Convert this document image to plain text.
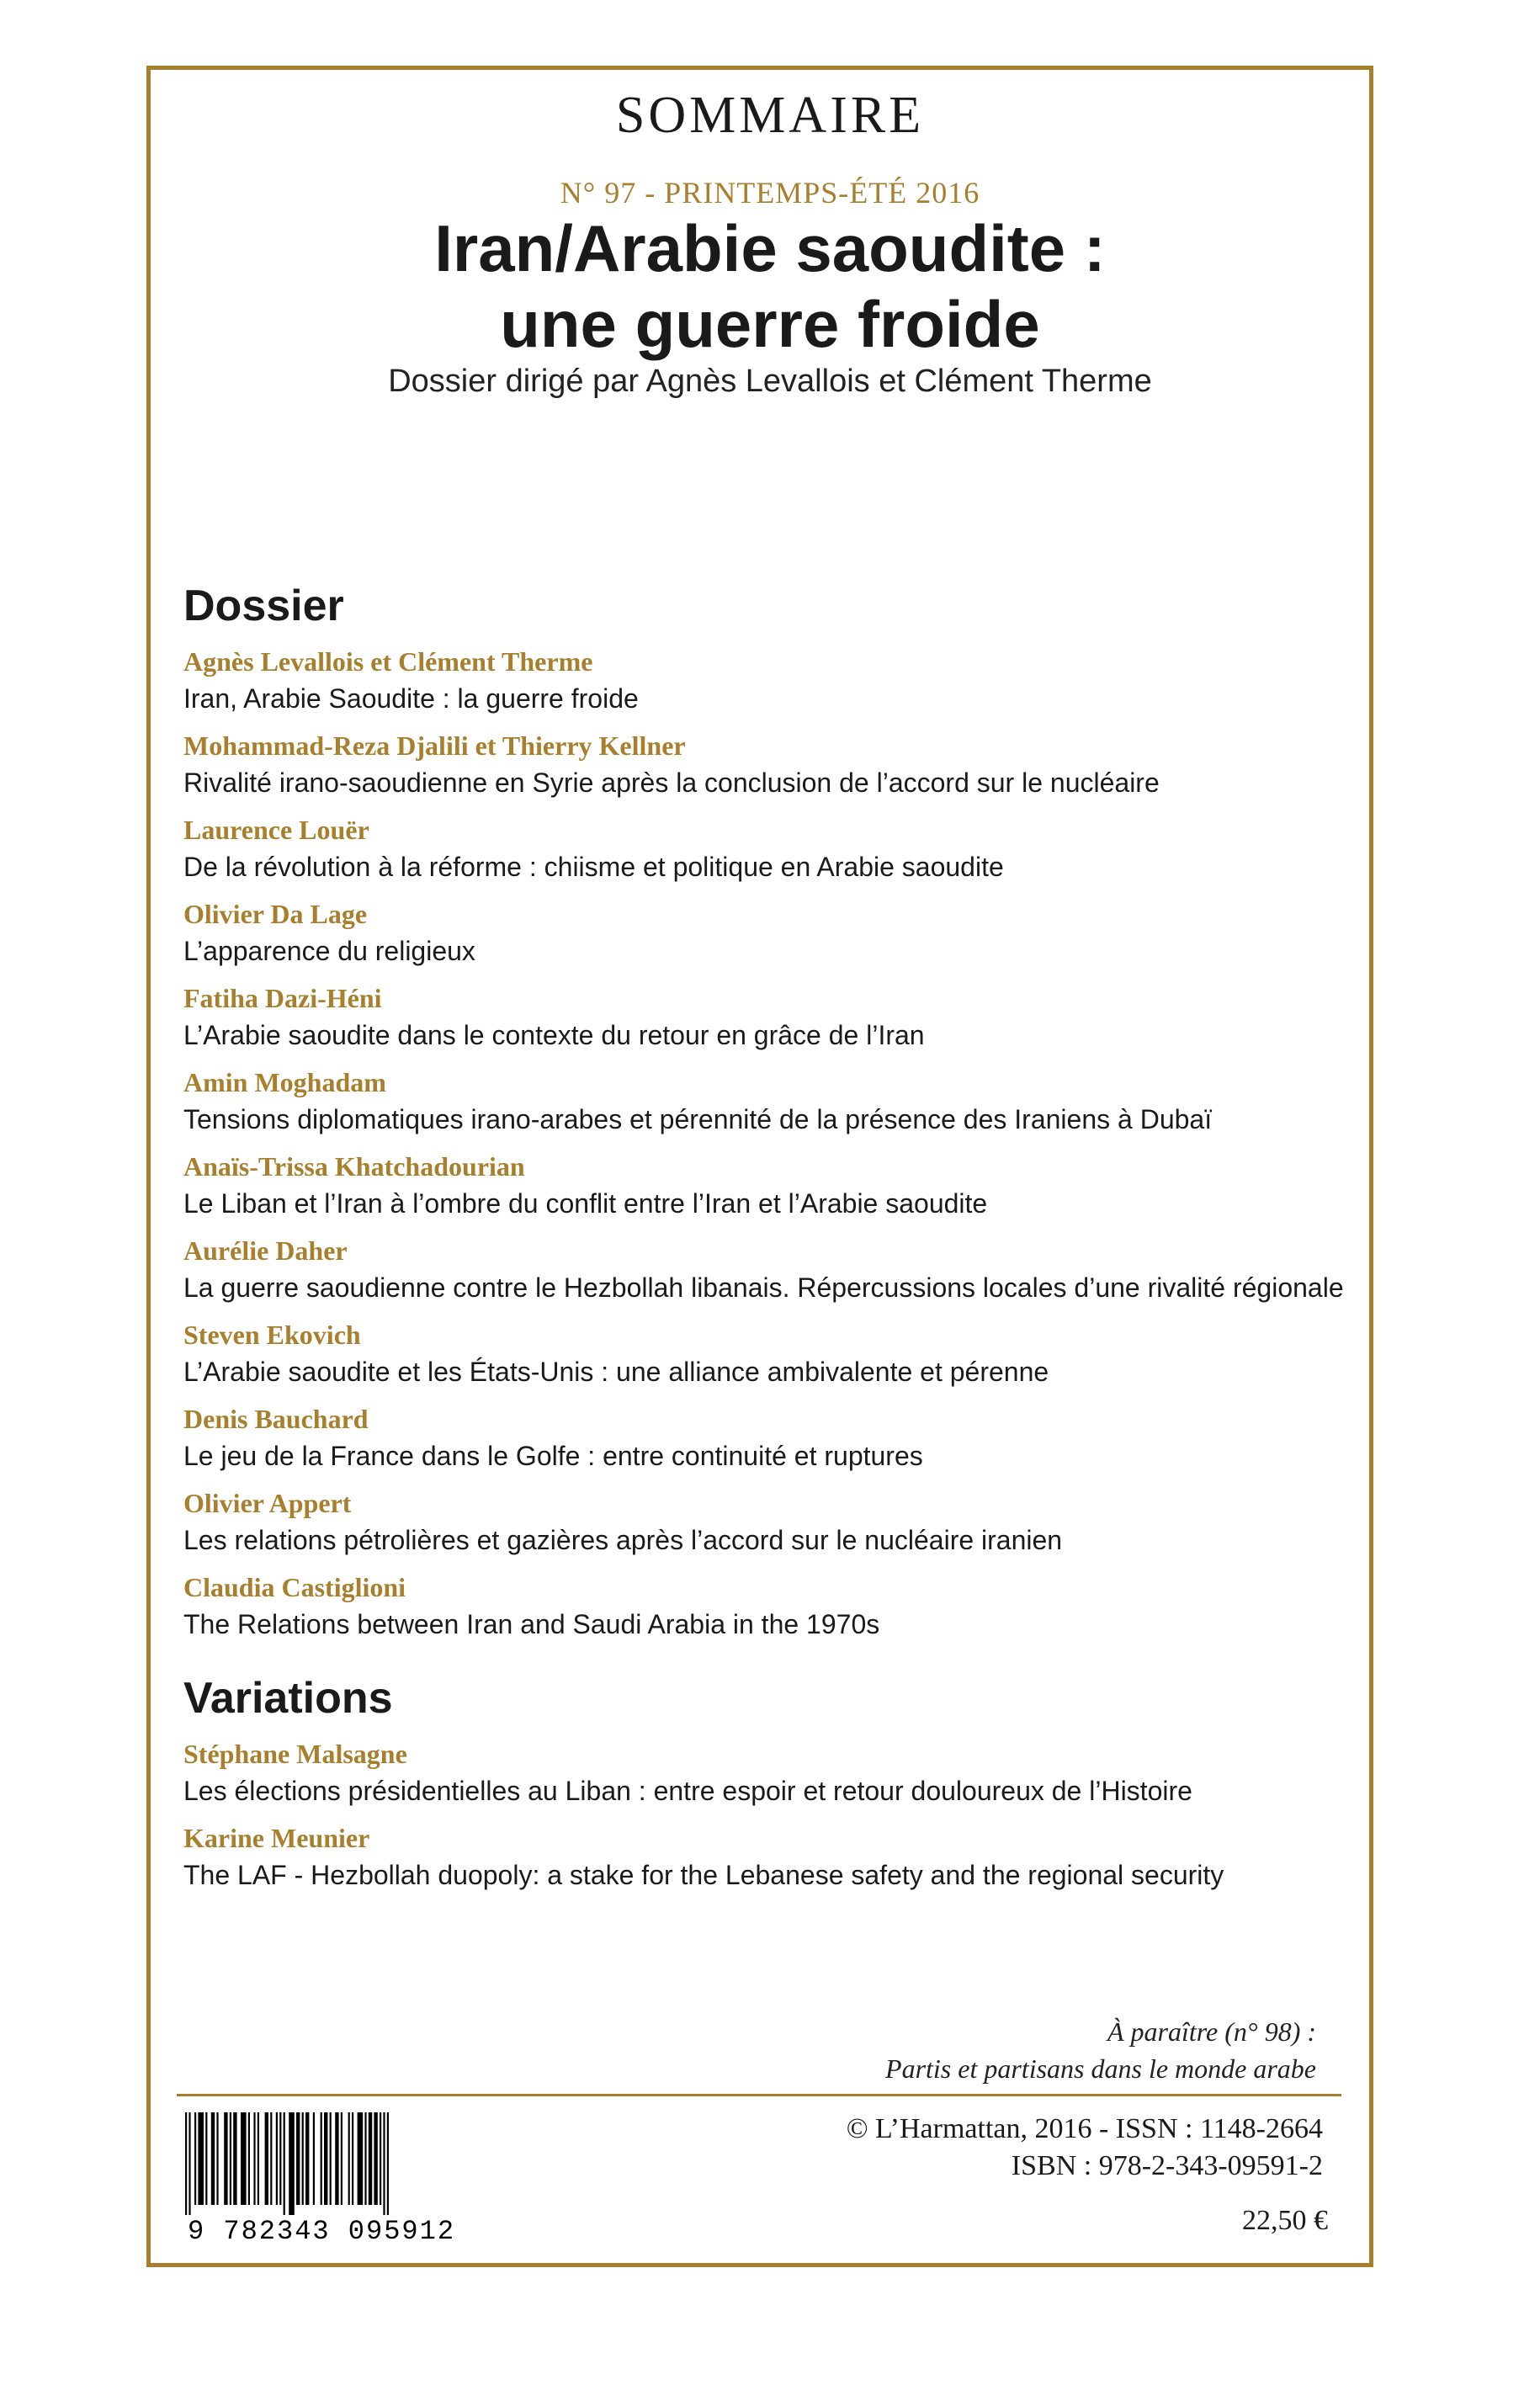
SOMMAIRE
N° 97 - PRINTEMPS-ÉTÉ 2016
Iran/Arabie saoudite :
une guerre froide
Dossier dirigé par Agnès Levallois et Clément Therme
Dossier
Agnès Levallois et Clément Therme
Iran, Arabie Saoudite : la guerre froide
Mohammad-Reza Djalili et Thierry Kellner
Rivalité irano-saoudienne en Syrie après la conclusion de l’accord sur le nucléaire
Laurence Louër
De la révolution à la réforme : chiisme et politique en Arabie saoudite
Olivier Da Lage
L’apparence du religieux
Fatiha Dazi-Héni
L’Arabie saoudite dans le contexte du retour en grâce de l’Iran
Amin Moghadam
Tensions diplomatiques irano-arabes et pérennité de la présence des Iraniens à Dubaï
Anaïs-Trissa Khatchadourian
Le Liban et l’Iran à l’ombre du conflit entre l’Iran et l’Arabie saoudite
Aurélie Daher
La guerre saoudienne contre le Hezbollah libanais. Répercussions locales d’une rivalité régionale
Steven Ekovich
L’Arabie saoudite et les États-Unis : une alliance ambivalente et pérenne
Denis Bauchard
Le jeu de la France dans le Golfe : entre continuité et ruptures
Olivier Appert
Les relations pétrolières et gazières après l’accord sur le nucléaire iranien
Claudia Castiglioni
The Relations between Iran and Saudi Arabia in the 1970s
Variations
Stéphane Malsagne
Les élections présidentielles au Liban : entre espoir et retour douloureux de l’Histoire
Karine Meunier
The LAF - Hezbollah duopoly: a stake for the Lebanese safety and the regional security
À paraître (n° 98) :
Partis et partisans dans le monde arabe
9 782343 095912
© L’Harmattan, 2016 - ISSN : 1148-2664
ISBN : 978-2-343-09591-2
22,50 €
